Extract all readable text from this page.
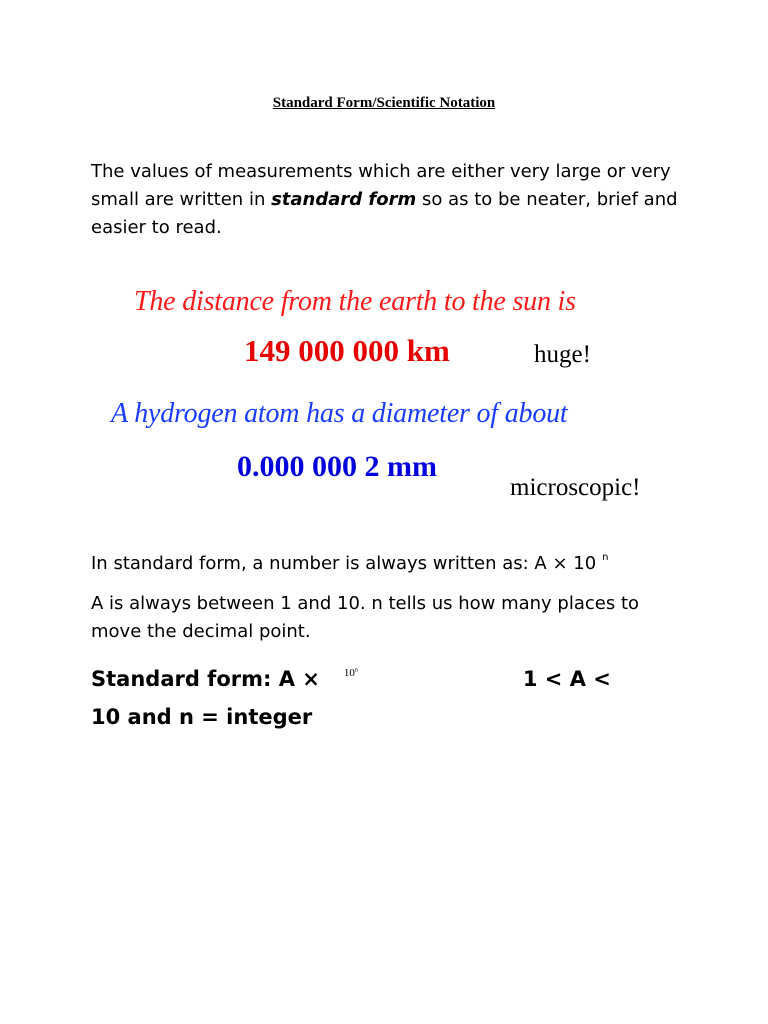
Standard Form/Scientific Notation
The values of measurements which are either very large or very small are written in standard form so as to be neater, brief and easier to read.
The distance from the earth to the sun is
149 000 000 km	huge!
A hydrogen atom has a diameter of about
0.000 000 2 mm
microscopic!
In standard form, a number is always written as: A × 10 $^n$
A is always between 1 and 10. n tells us how many places to move the decimal point.
Standard form: A × $^{10^n}$	1 < A <
10 and n = integer
